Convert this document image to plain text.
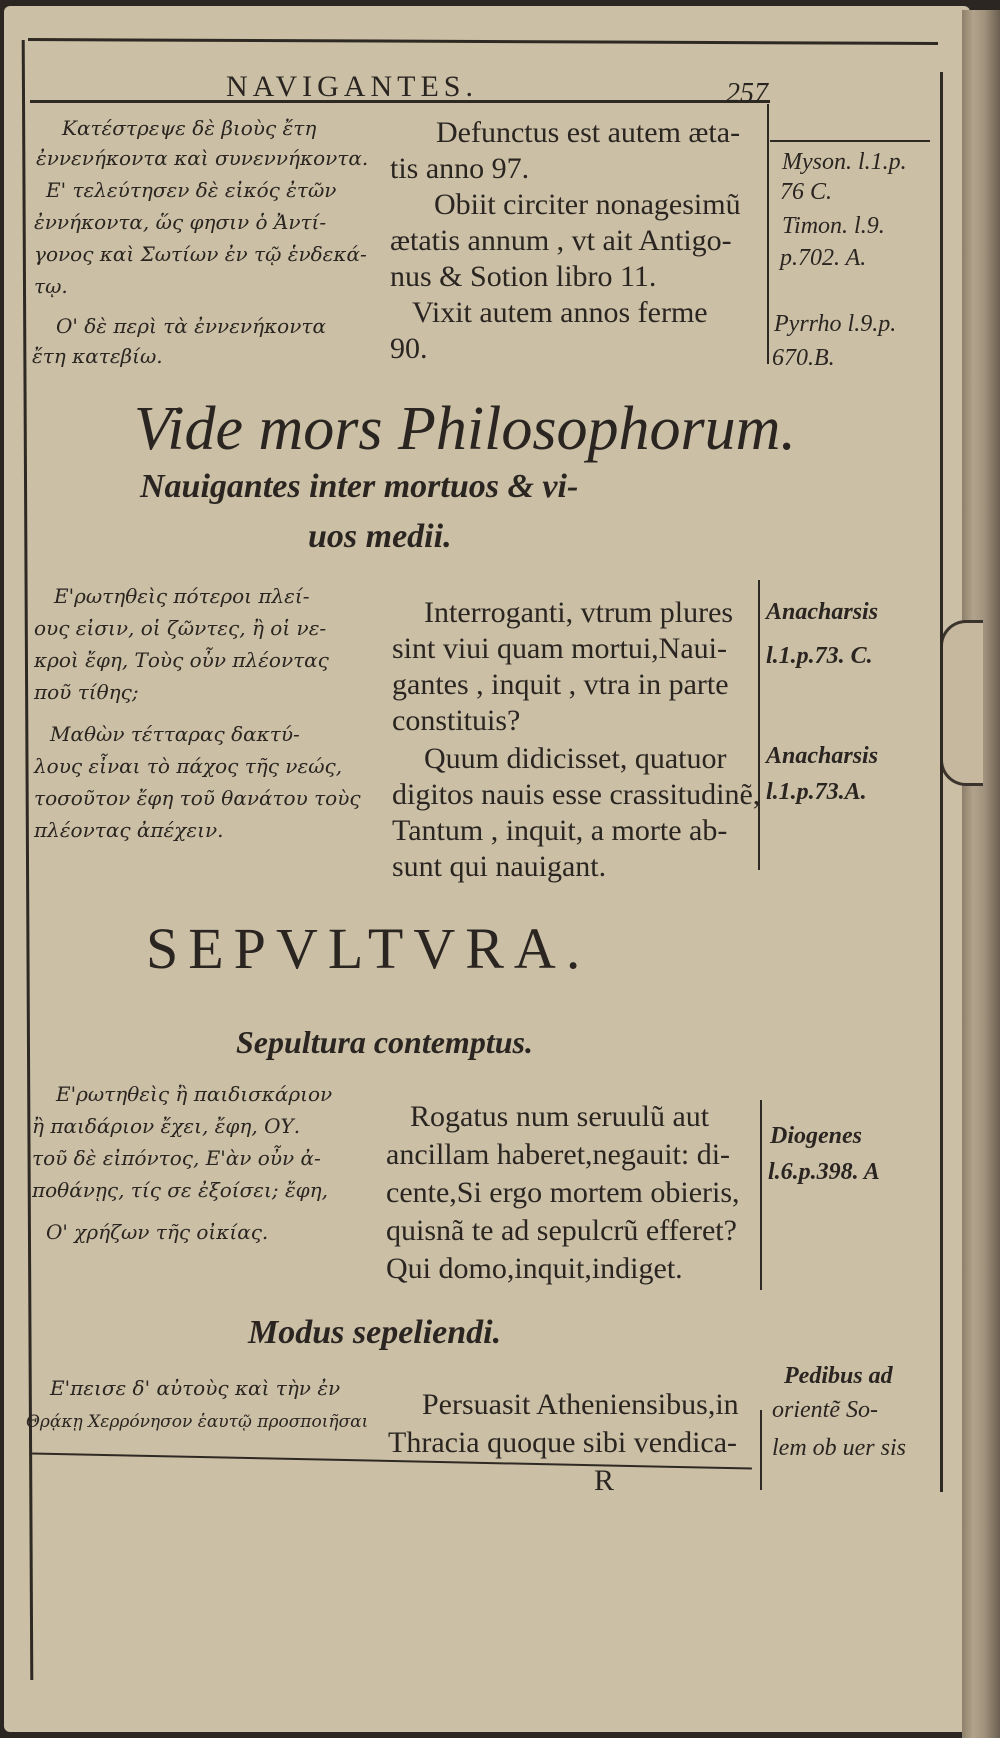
NAVIGANTES.	257
Κατέστρεψε δὲ βιοὺς ἔτη
ἐννενήκοντα καὶ συνεννήκοντα.
Ε' τελεύτησεν δὲ εἰκός ἐτῶν
ἐννήκοντα, ὥς φησιν ὁ Ἀντί-
γονος καὶ Σωτίων ἐν τῷ ἑνδεκά-
τῳ.
Ο' δὲ περὶ τὰ ἐννενήκοντα
ἔτη κατεβίω.
Defunctus est autem æta-
tis anno 97.
Obiit circiter nonagesimũ
ætatis annum , vt ait Antigo-
nus & Sotion libro 11.
Vixit autem annos ferme
90.
Myson. l.1.p.
76 C.
Timon. l.9.
p.702. A.
Pyrrho l.9.p.
670.B.
Vide mors Philosophorum.
Nauigantes inter mortuos & vi-
uos medii.
Ε'ρωτηθεὶς πότεροι πλεί-
ους εἰσιν, οἱ ζῶντες, ἢ οἱ νε-
κροὶ ἔφη, Τοὺς οὖν πλέοντας
ποῦ τίθης;
Μαθὼν τέτταρας δακτύ-
λους εἶναι τὸ πάχος τῆς νεώς,
τοσοῦτον ἔφη τοῦ θανάτου τοὺς
πλέοντας ἀπέχειν.
Interroganti, vtrum plures
sint viui quam mortui,Naui-
gantes , inquit , vtra in parte
constituis?
Quum didicisset, quatuor
digitos nauis esse crassitudinẽ,
Tantum , inquit, a morte ab-
sunt qui nauigant.
Anacharsis
l.1.p.73. C.
Anacharsis
l.1.p.73.A.
SEPVLTVRA.
Sepultura contemptus.
Ε'ρωτηθεὶς ἢ παιδισκάριον
ἢ παιδάριον ἔχει, ἔφη, ΟΥ.
τοῦ δὲ εἰπόντος, Ε'ὰν οὖν ἀ-
ποθάνῃς, τίς σε ἐξοίσει; ἔφη,
Ο' χρήζων τῆς οἰκίας.
Rogatus num seruulũ aut
ancillam haberet,negauit: di-
cente,Si ergo mortem obieris,
quisnã te ad sepulcrũ efferet?
Qui domo,inquit,indiget.
Diogenes
l.6.p.398. A
Modus sepeliendi.
Ε'πεισε δ' αὐτοὺς καὶ τὴν ἐν
Θρᾴκῃ Χερρόνησον ἑαυτῷ προσποιῆσαι
Persuasit Atheniensibus,in
Thracia quoque sibi vendica-
Pedibus ad
orientẽ So-
lem ob uer sis
R
